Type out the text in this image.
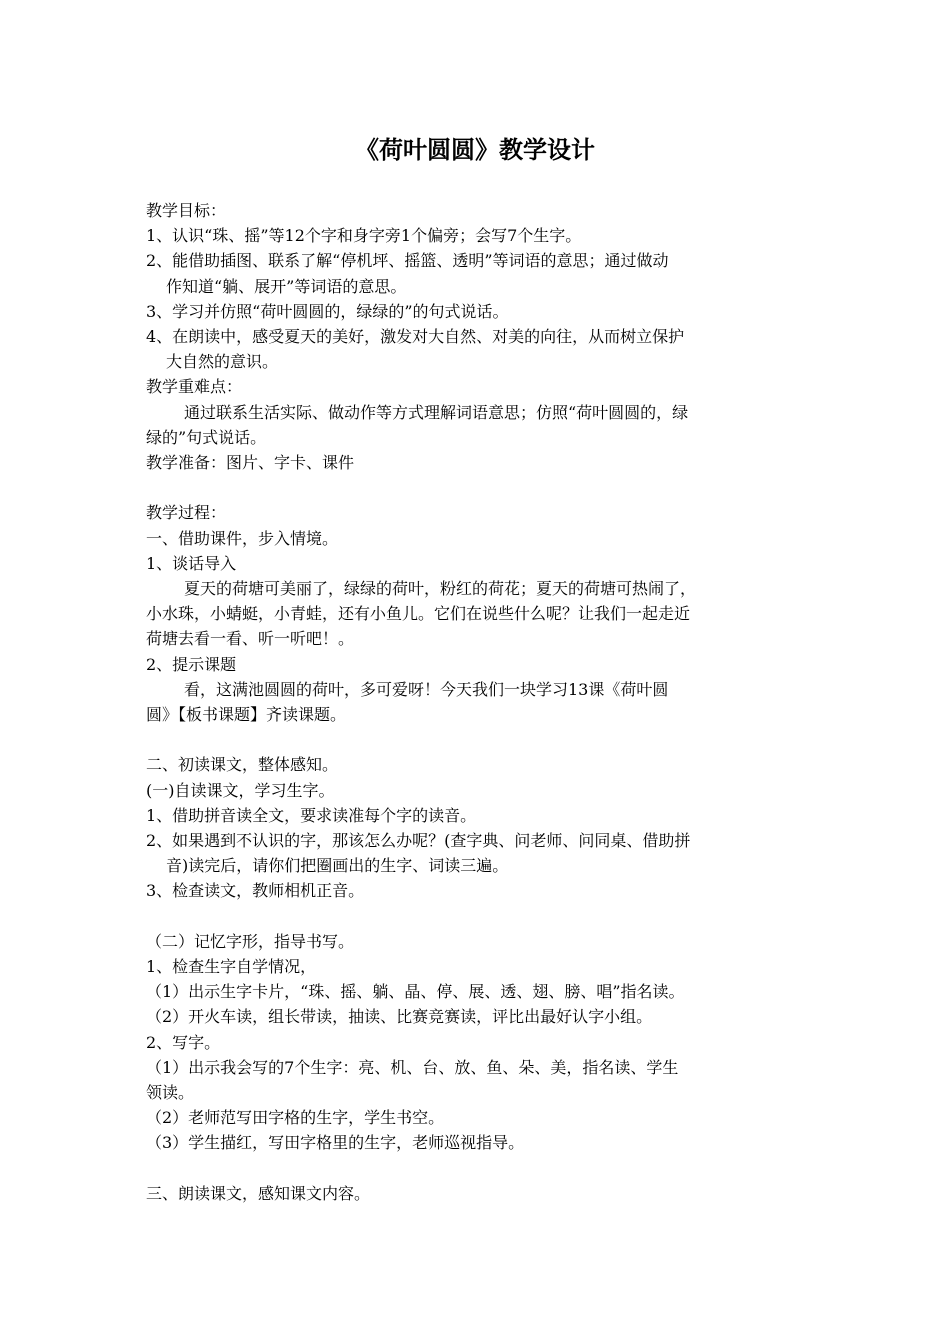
《荷叶圆圆》教学设计
教学目标：
1、认识“珠、摇”等12个字和身字旁1个偏旁；会写7个生字。
2、能借助插图、联系了解“停机坪、摇篮、透明”等词语的意思；通过做动
作知道“躺、展开”等词语的意思。
3、学习并仿照“荷叶圆圆的，绿绿的”的句式说话。
4、在朗读中，感受夏天的美好，激发对大自然、对美的向往，从而树立保护
大自然的意识。
教学重难点：
通过联系生活实际、做动作等方式理解词语意思；仿照“荷叶圆圆的，绿
绿的”句式说话。
教学准备：图片、字卡、课件
教学过程：
一、借助课件，步入情境。
1、谈话导入
夏天的荷塘可美丽了，绿绿的荷叶，粉红的荷花；夏天的荷塘可热闹了，
小水珠，小蜻蜓，小青蛙，还有小鱼儿。它们在说些什么呢？让我们一起走近
荷塘去看一看、听一听吧！。
2、提示课题
看，这满池圆圆的荷叶，多可爱呀！今天我们一块学习13课《荷叶圆
圆》【板书课题】齐读课题。
二、初读课文，整体感知。
(一)自读课文，学习生字。
1、借助拼音读全文，要求读准每个字的读音。
2、如果遇到不认识的字，那该怎么办呢？(查字典、问老师、问同桌、借助拼
音)读完后，请你们把圈画出的生字、词读三遍。
3、检查读文，教师相机正音。
（二）记忆字形，指导书写。
1、检查生字自学情况，
（1）出示生字卡片，“珠、摇、躺、晶、停、展、透、翅、膀、唱”指名读。
（2）开火车读，组长带读，抽读、比赛竞赛读，评比出最好认字小组。
2、写字。
（1）出示我会写的7个生字：亮、机、台、放、鱼、朵、美，指名读、学生
领读。
（2）老师范写田字格的生字，学生书空。
（3）学生描红，写田字格里的生字，老师巡视指导。
三、朗读课文，感知课文内容。
